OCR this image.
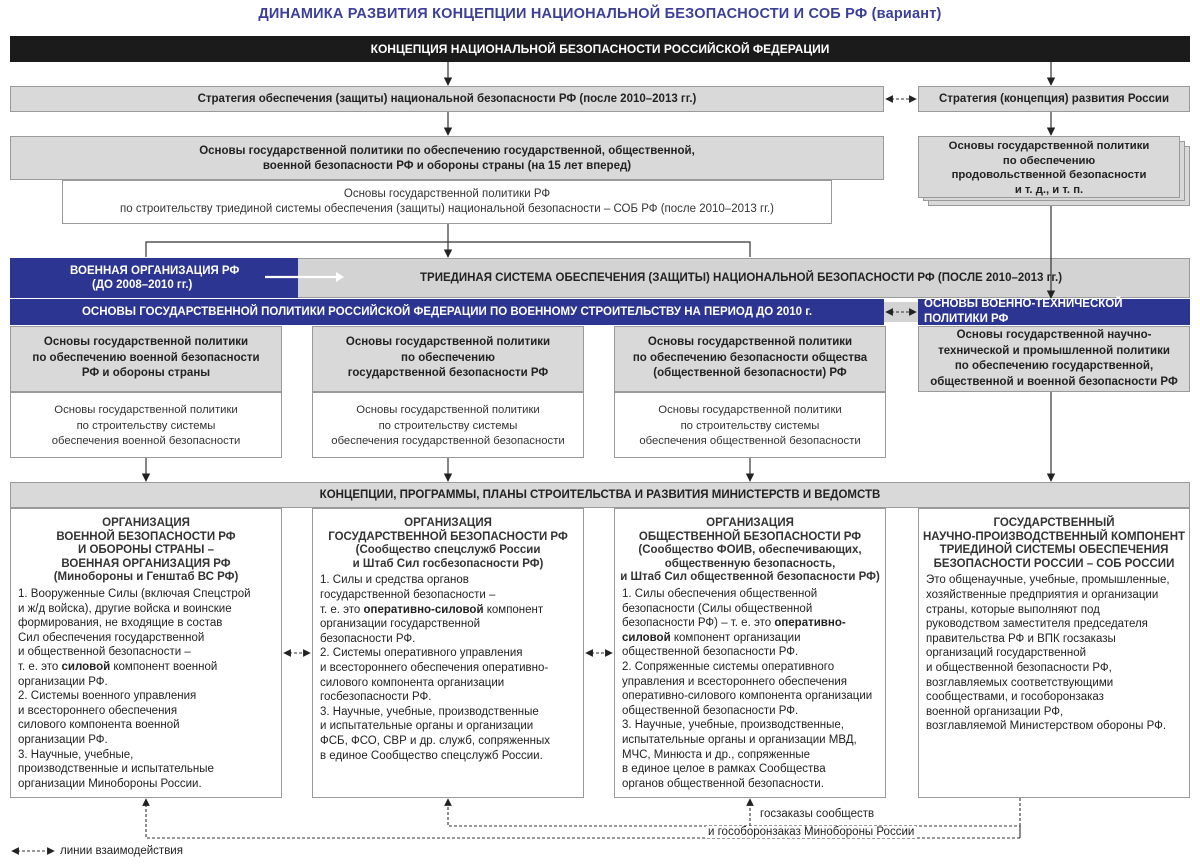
ДИНАМИКА РАЗВИТИЯ КОНЦЕПЦИИ НАЦИОНАЛЬНОЙ БЕЗОПАСНОСТИ И СОБ РФ (вариант)
КОНЦЕПЦИЯ НАЦИОНАЛЬНОЙ БЕЗОПАСНОСТИ РОССИЙСКОЙ ФЕДЕРАЦИИ
Стратегия обеспечения (защиты) национальной безопасности РФ (после 2010–2013 гг.)	Стратегия (концепция) развития России
Основы государственной политики по обеспечению государственной, общественной,
военной безопасности РФ и обороны страны (на 15 лет вперед)
Основы государственной политики РФ
по строительству триединой системы обеспечения (защиты) национальной безопасности – СОБ РФ (после 2010–2013 гг.)
Основы государственной политики
по обеспечению
продовольственной безопасности
и т. д., и т. п.
ВОЕННАЯ ОРГАНИЗАЦИЯ РФ
(ДО 2008–2010 гг.)
ТРИЕДИНАЯ СИСТЕМА ОБЕСПЕЧЕНИЯ (ЗАЩИТЫ) НАЦИОНАЛЬНОЙ БЕЗОПАСНОСТИ РФ (ПОСЛЕ 2010–2013 гг.)
ОСНОВЫ ГОСУДАРСТВЕННОЙ ПОЛИТИКИ РОССИЙСКОЙ ФЕДЕРАЦИИ ПО ВОЕННОМУ СТРОИТЕЛЬСТВУ НА ПЕРИОД ДО 2010 г.
ОСНОВЫ ВОЕННО-ТЕХНИЧЕСКОЙ ПОЛИТИКИ РФ
Основы государственной политики
по обеспечению военной безопасности
РФ и обороны страны
Основы государственной политики
по обеспечению
государственной безопасности РФ
Основы государственной политики
по обеспечению безопасности общества
(общественной безопасности) РФ
Основы государственной научно-
технической и промышленной политики
по обеспечению государственной,
общественной и военной безопасности РФ
Основы государственной политики
по строительству системы
обеспечения военной безопасности
Основы государственной политики
по строительству системы
обеспечения государственной безопасности
Основы государственной политики
по строительству системы
обеспечения общественной безопасности
КОНЦЕПЦИИ, ПРОГРАММЫ, ПЛАНЫ СТРОИТЕЛЬСТВА И РАЗВИТИЯ МИНИСТЕРСТВ И ВЕДОМСТВ
ОРГАНИЗАЦИЯ
ВОЕННОЙ БЕЗОПАСНОСТИ РФ
И ОБОРОНЫ СТРАНЫ –
ВОЕННАЯ ОРГАНИЗАЦИЯ РФ
(Минобороны и Генштаб ВС РФ)
1. Вооруженные Силы (включая Спецстрой
и ж/д войска), другие войска и воинские
формирования, не входящие в состав
Сил обеспечения государственной
и общественной безопасности –
т. е. это силовой компонент военной
организации РФ.
2. Системы военного управления
и всестороннего обеспечения
силового компонента военной
организации РФ.
3. Научные, учебные,
производственные и испытательные
организации Минобороны России.
ОРГАНИЗАЦИЯ
ГОСУДАРСТВЕННОЙ БЕЗОПАСНОСТИ РФ
(Сообщество спецслужб России
и Штаб Сил госбезопасности РФ)
1. Силы и средства органов
государственной безопасности –
т. е. это оперативно-силовой компонент
организации государственной
безопасности РФ.
2. Системы оперативного управления
и всестороннего обеспечения оперативно-
силового компонента организации
госбезопасности РФ.
3. Научные, учебные, производственные
и испытательные органы и организации
ФСБ, ФСО, СВР и др. служб, сопряженных
в единое Сообщество спецслужб России.
ОРГАНИЗАЦИЯ
ОБЩЕСТВЕННОЙ БЕЗОПАСНОСТИ РФ
(Сообщество ФОИВ, обеспечивающих,
общественную безопасность,
и Штаб Сил общественной безопасности РФ)
1. Силы обеспечения общественной
безопасности (Силы общественной
безопасности РФ) – т. е. это оперативно-
силовой компонент организации
общественной безопасности РФ.
2. Сопряженные системы оперативного
управления и всестороннего обеспечения
оперативно-силового компонента организации
общественной безопасности РФ.
3. Научные, учебные, производственные,
испытательные органы и организации МВД,
МЧС, Минюста и др., сопряженные
в единое целое в рамках Сообщества
органов общественной безопасности.
ГОСУДАРСТВЕННЫЙ
НАУЧНО-ПРОИЗВОДСТВЕННЫЙ КОМПОНЕНТ
ТРИЕДИНОЙ СИСТЕМЫ ОБЕСПЕЧЕНИЯ
БЕЗОПАСНОСТИ РОССИИ – СОБ РОССИИ
Это общенаучные, учебные, промышленные,
хозяйственные предприятия и организации
страны, которые выполняют под
руководством заместителя председателя
правительства РФ и ВПК госзаказы
организаций государственной
и общественной безопасности РФ,
возглавляемых соответствующими
сообществами, и гособоронзаказ
военной организации РФ,
возглавляемой Министерством обороны РФ.
госзаказы сообществ
и гособоронзаказ Минобороны России
линии взаимодействия
